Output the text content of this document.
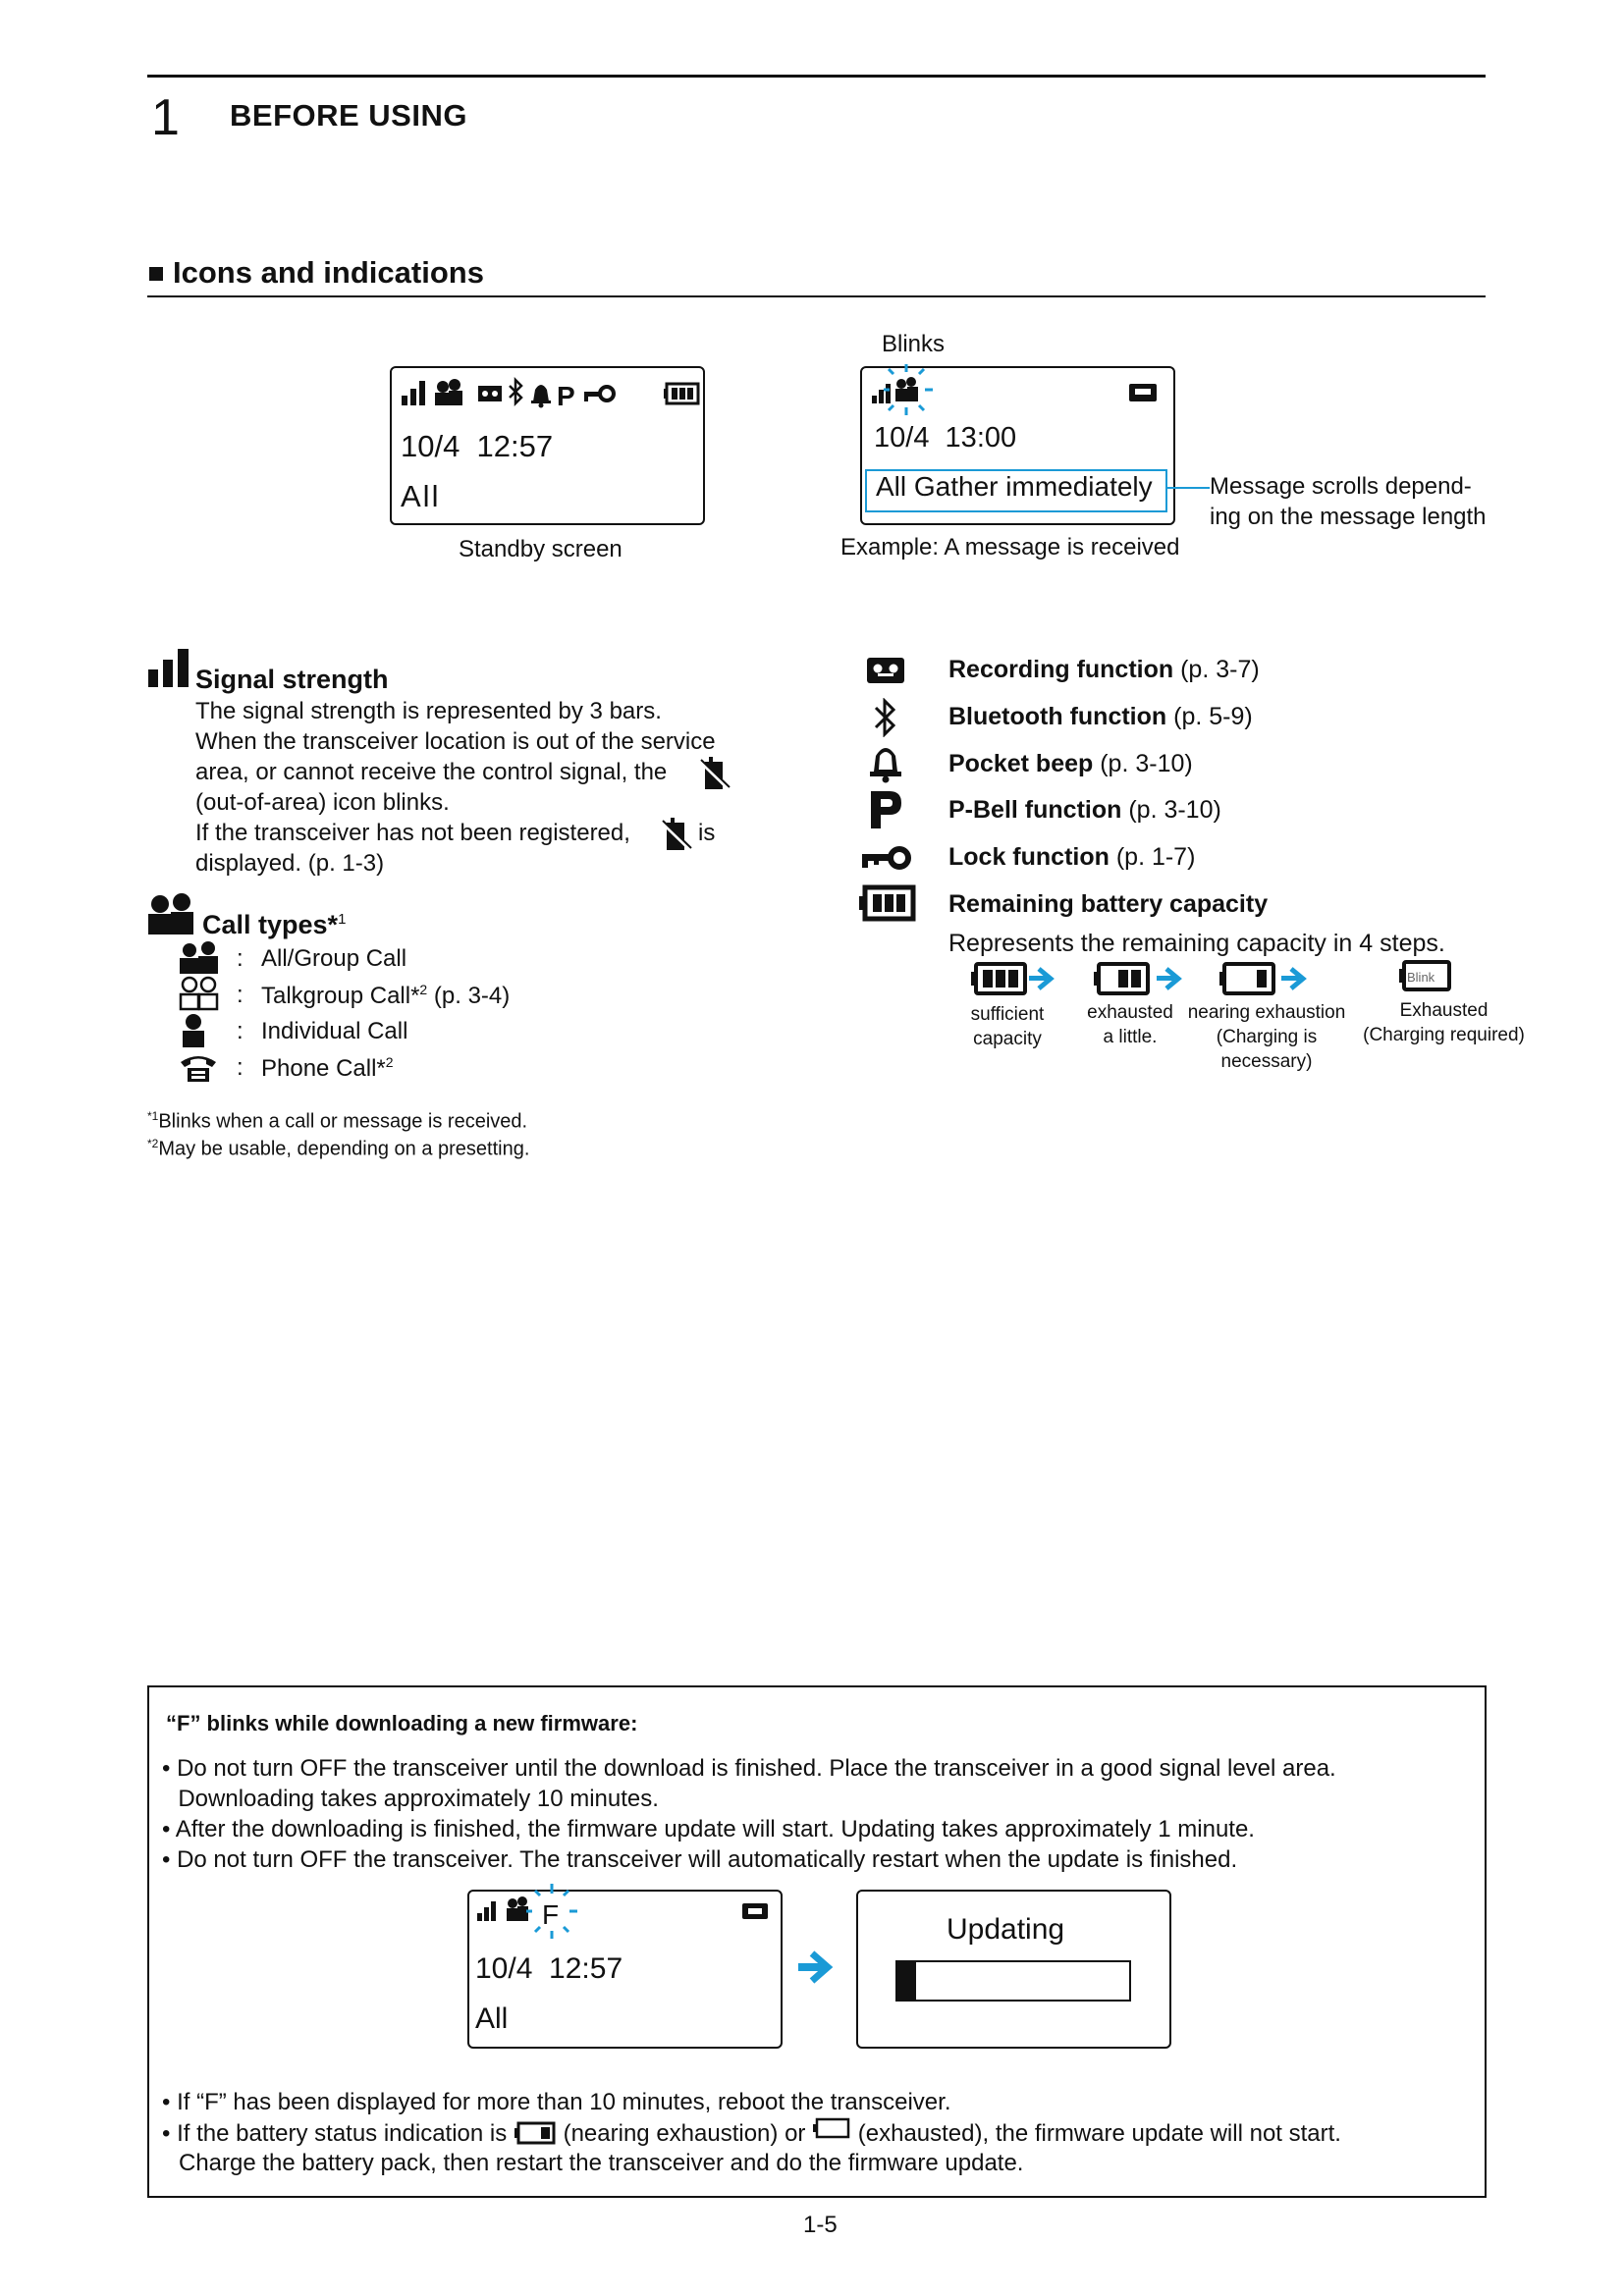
1 BEFORE USING
Icons and indications
P
10/4  12:57
All
Standby screen
Blinks
10/4  13:00
All Gather immediately Message scrolls depend-
ing on the message length
Example: A message is received
Signal strength
The signal strength is represented by 3 bars.
When the transceiver location is out of the service
area, or cannot receive the control signal, the
(out-of-area) icon blinks.
If the transceiver has not been registered,	is
displayed. (p. 1-3)
Call types*$^1$
: All/Group Call
: Talkgroup Call*$^2$ (p. 3-4)
: Individual Call
: Phone Call*$^2$
$^{*1}$Blinks when a call or message is received.
$^{*2}$May be usable, depending on a presetting.
Recording function (p. 3-7)
Bluetooth function (p. 5-9)
Pocket beep (p. 3-10)
P-Bell function (p. 3-10)
Lock function (p. 1-7)
Remaining battery capacity
Represents the remaining capacity in 4 steps.
Blink
sufficient
capacity
exhausted
a little.
nearing exhaustion
(Charging is necessary)
Exhausted
(Charging required)
“F” blinks while downloading a new firmware:
• Do not turn OFF the transceiver until the download is finished. Place the transceiver in a good signal level area.
Downloading takes approximately 10 minutes.
• After the downloading is finished, the firmware update will start. Updating takes approximately 1 minute.
• Do not turn OFF the transceiver. The transceiver will automatically restart when the update is finished.
F
10/4  12:57
All
Updating
• If “F” has been displayed for more than 10 minutes, reboot the transceiver.
• If the battery status indication is (nearing exhaustion) or (exhausted), the firmware update will not start.
Charge the battery pack, then restart the transceiver and do the firmware update.
1-5
